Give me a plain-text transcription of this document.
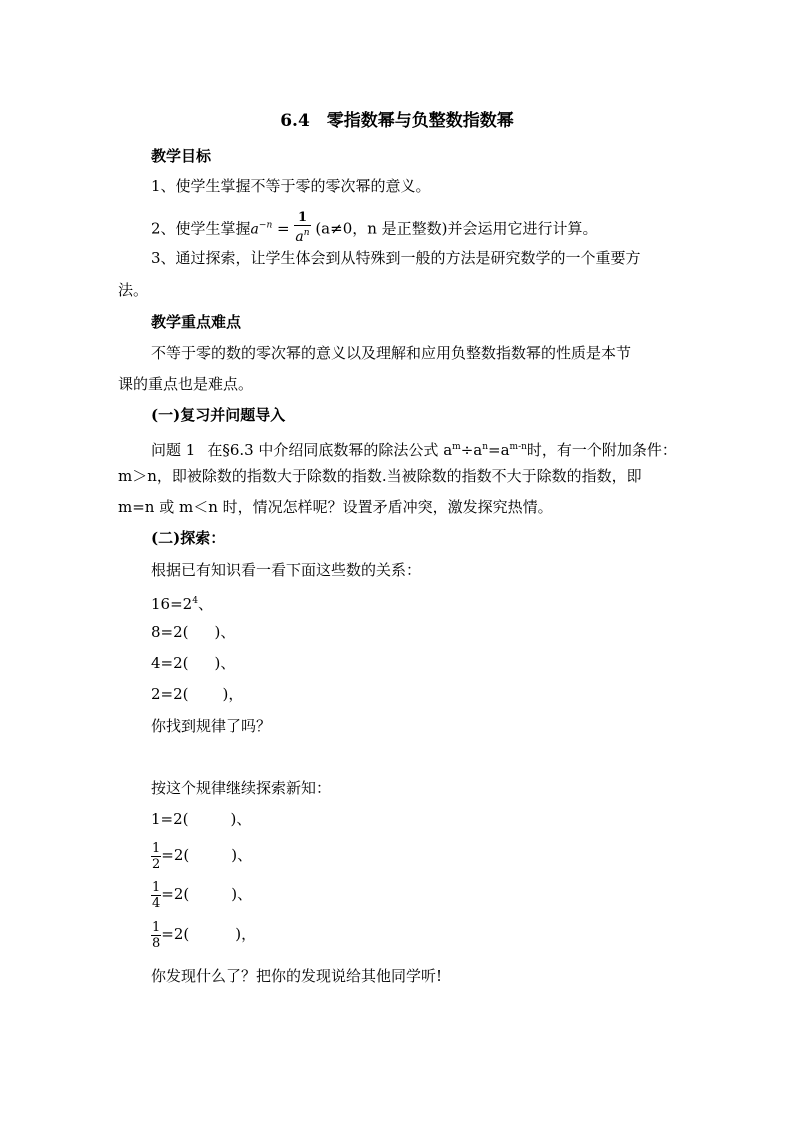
6.4　零指数幂与负整数指数幂
教学目标
1、使学生掌握不等于零的零次幂的意义。
2、使学生掌握$a^{-n} = \frac{1}{a^n} (a\ne 0$，n 是正整数)并会运用它进行计算。
3、通过探索，让学生体会到从特殊到一般的方法是研究数学的一个重要方
法。
教学重点难点
不等于零的数的零次幂的意义以及理解和应用负整数指数幂的性质是本节
课的重点也是难点。
(一)复习并问题导入
问题 1 在§6.3 中介绍同底数幂的除法公式 $a^m\div a^n=a^{m-n}$时，有一个附加条件：
m＞n，即被除数的指数大于除数的指数.当被除数的指数不大于除数的指数，即
m=n 或 m＜n 时，情况怎样呢？设置矛盾冲突，激发探究热情。
(二)探索：
根据已有知识看一看下面这些数的关系：
$16=2^4$、
8=2( )、
4=2( )、
2=2( )，
你找到规律了吗？
按这个规律继续探索新知：
1=2(	)、
$\frac{1}{2} =2$(	)、
$\frac{1}{4} =2$(	)、
$\frac{1}{8} =2$(	)，
你发现什么了？把你的发现说给其他同学听!
